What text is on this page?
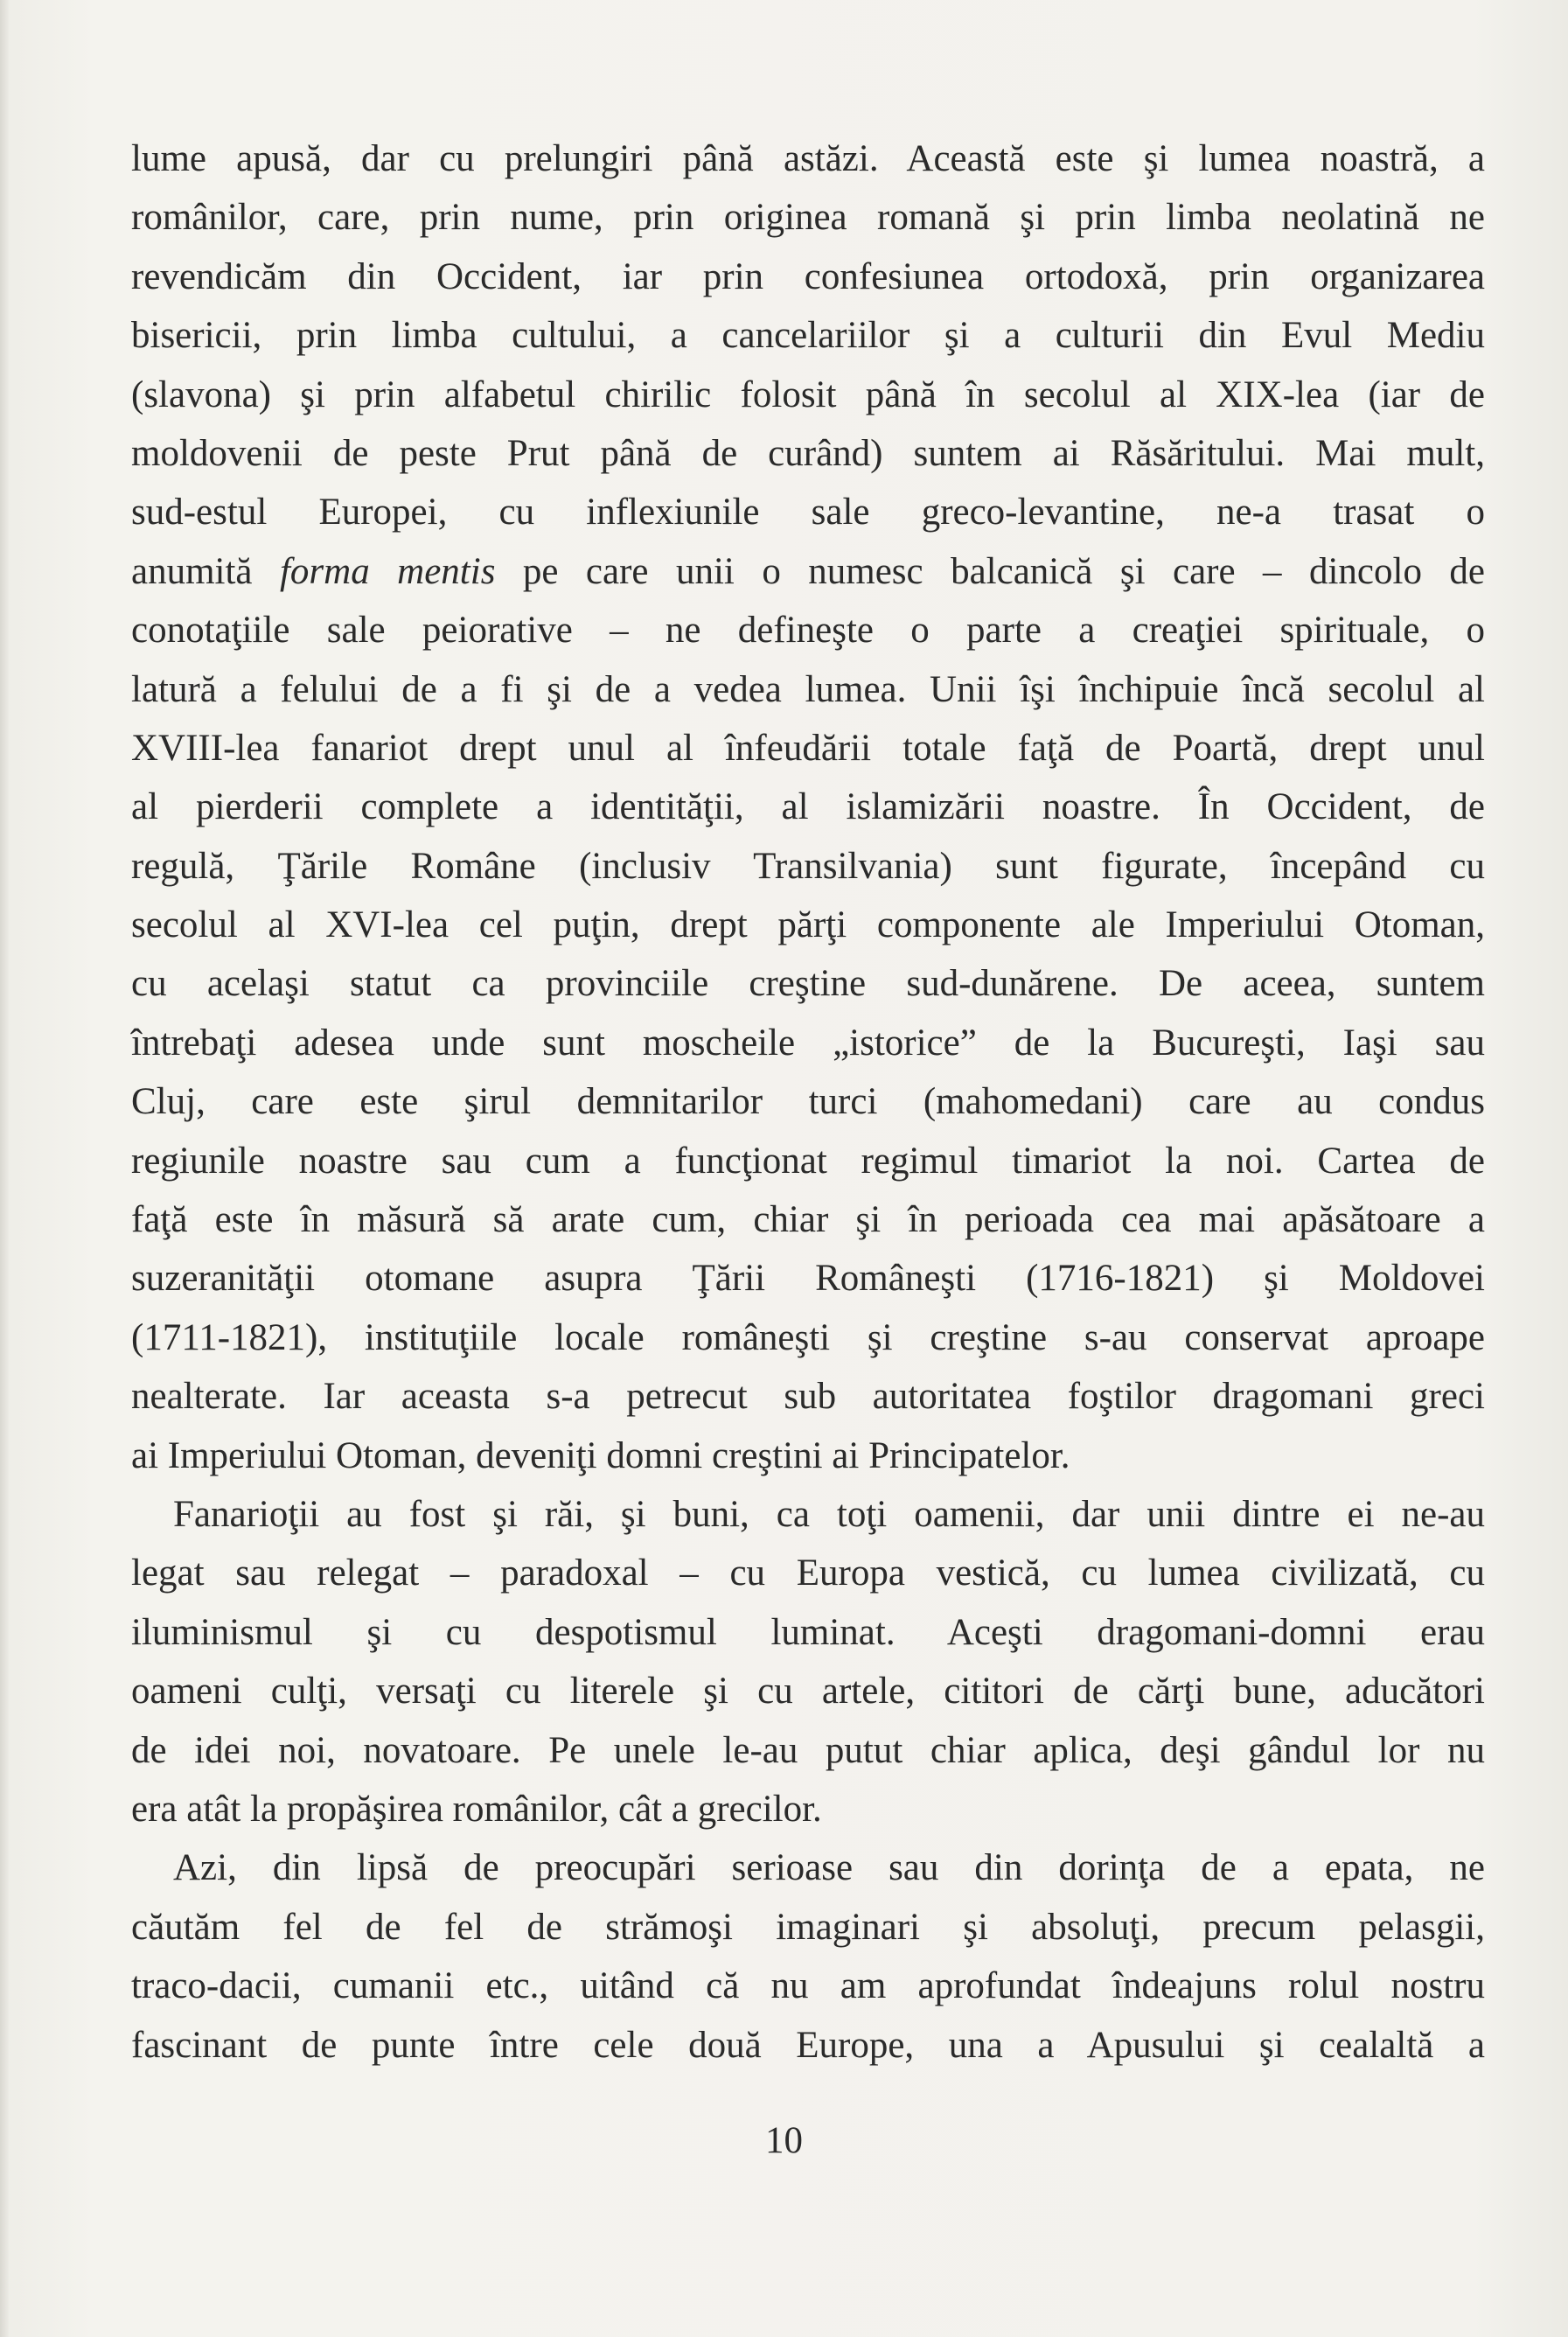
lume apusă, dar cu prelungiri până astăzi. Această este şi lumea noastră, a
românilor, care, prin nume, prin originea romană şi prin limba neolatină ne
revendicăm din Occident, iar prin confesiunea ortodoxă, prin organizarea
bisericii, prin limba cultului, a cancelariilor şi a culturii din Evul Mediu
(slavona) şi prin alfabetul chirilic folosit până în secolul al XIX-lea (iar de
moldovenii de peste Prut până de curând) suntem ai Răsăritului. Mai mult,
sud-estul Europei, cu inflexiunile sale greco-levantine, ne-a trasat o
anumită forma mentis pe care unii o numesc balcanică şi care – dincolo de
conotaţiile sale peiorative – ne defineşte o parte a creaţiei spirituale, o
latură a felului de a fi şi de a vedea lumea. Unii îşi închipuie încă secolul al
XVIII-lea fanariot drept unul al înfeudării totale faţă de Poartă, drept unul
al pierderii complete a identităţii, al islamizării noastre. În Occident, de
regulă, Ţările Române (inclusiv Transilvania) sunt figurate, începând cu
secolul al XVI-lea cel puţin, drept părţi componente ale Imperiului Otoman,
cu acelaşi statut ca provinciile creştine sud-dunărene. De aceea, suntem
întrebaţi adesea unde sunt moscheile „istorice” de la Bucureşti, Iaşi sau
Cluj, care este şirul demnitarilor turci (mahomedani) care au condus
regiunile noastre sau cum a funcţionat regimul timariot la noi. Cartea de
faţă este în măsură să arate cum, chiar şi în perioada cea mai apăsătoare a
suzeranităţii otomane asupra Ţării Româneşti (1716-1821) şi Moldovei
(1711-1821), instituţiile locale româneşti şi creştine s-au conservat aproape
nealterate. Iar aceasta s-a petrecut sub autoritatea foştilor dragomani greci
ai Imperiului Otoman, deveniţi domni creştini ai Principatelor.

Fanarioţii au fost şi răi, şi buni, ca toţi oamenii, dar unii dintre ei ne-au
legat sau relegat – paradoxal – cu Europa vestică, cu lumea civilizată, cu
iluminismul şi cu despotismul luminat. Aceşti dragomani-domni erau
oameni culţi, versaţi cu literele şi cu artele, cititori de cărţi bune, aducători
de idei noi, novatoare. Pe unele le-au putut chiar aplica, deşi gândul lor nu
era atât la propăşirea românilor, cât a grecilor.

Azi, din lipsă de preocupări serioase sau din dorinţa de a epata, ne
căutăm fel de fel de strămoşi imaginari şi absoluţi, precum pelasgii,
traco-dacii, cumanii etc., uitând că nu am aprofundat îndeajuns rolul nostru
fascinant de punte între cele două Europe, una a Apusului şi cealaltă a

10
